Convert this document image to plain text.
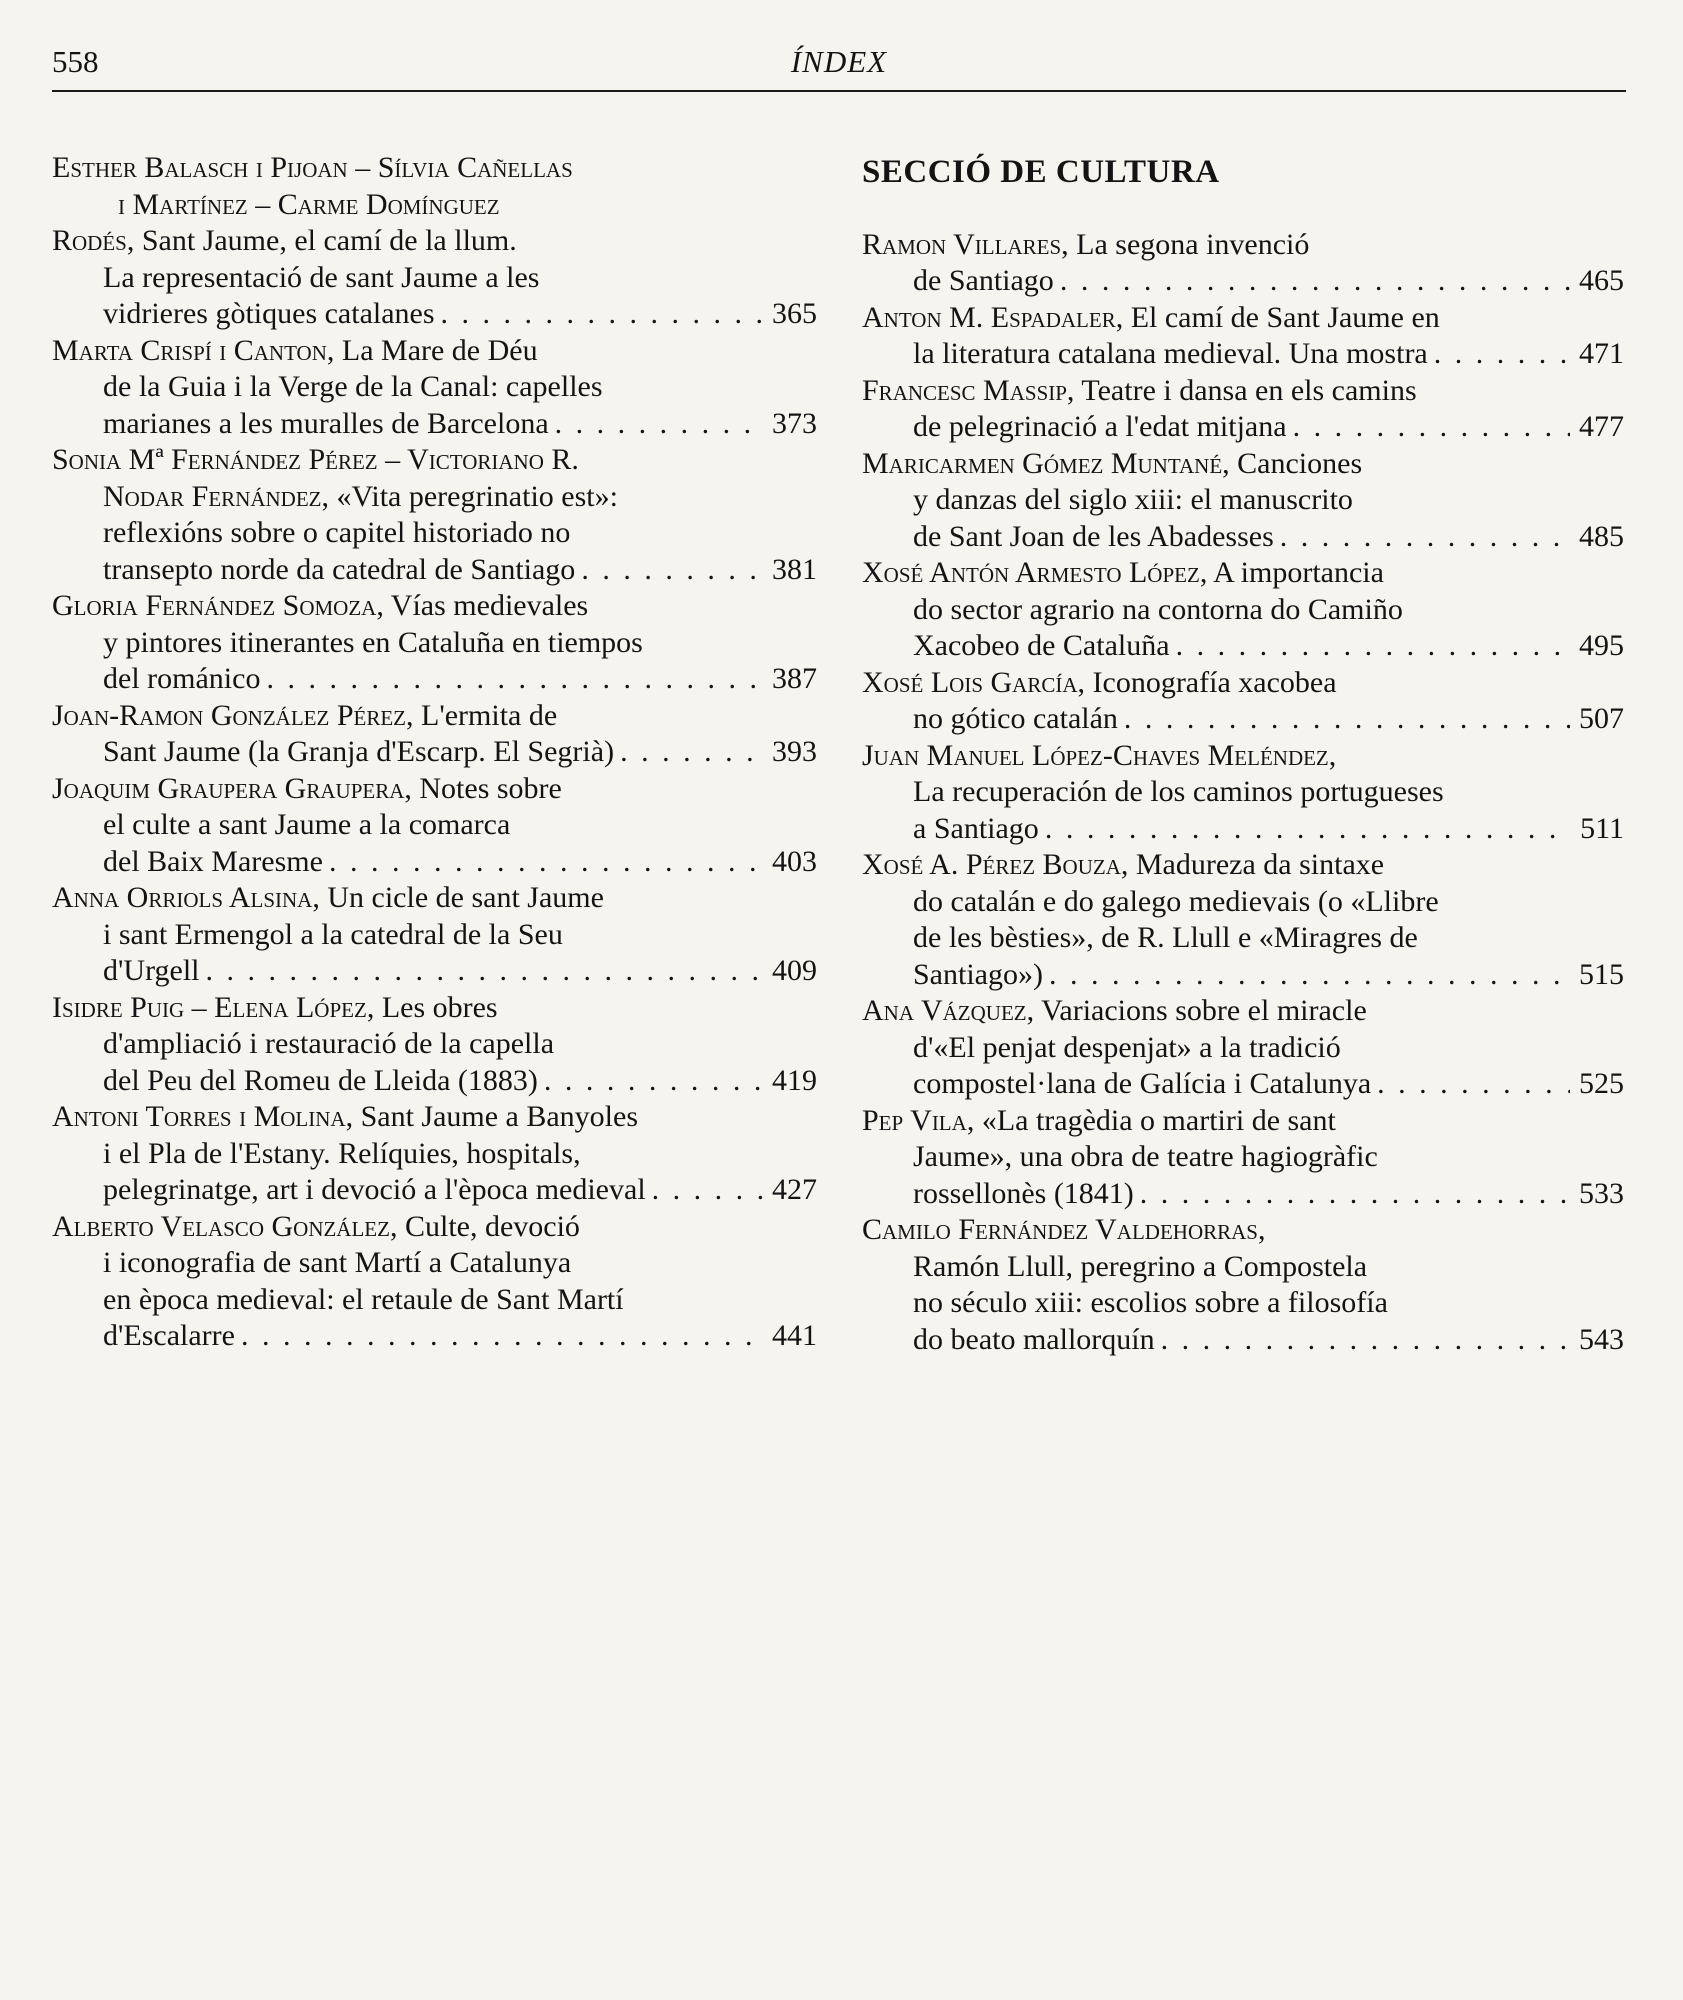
558	ÍNDEX
Esther Balasch i Pijoan – Sílvia Cañellas
i Martínez – Carme Domínguez
Rodés, Sant Jaume, el camí de la llum.
La representació de sant Jaume a les
vidrieres gòtiques catalanes . . .	365
Marta Crispí i Canton, La Mare de Déu
de la Guia i la Verge de la Canal: capelles
marianes a les muralles de Barcelona . . .	373
Sonia Mª Fernández Pérez – Victoriano R.
Nodar Fernández, «Vita peregrinatio est»:
reflexións sobre o capitel historiado no
transepto norde da catedral de Santiago . . .	381
Gloria Fernández Somoza, Vías medievales
y pintores itinerantes en Cataluña en tiempos
del románico . . .	387
Joan-Ramon González Pérez, L'ermita de
Sant Jaume (la Granja d'Escarp. El Segrià) . . .	393
Joaquim Graupera Graupera, Notes sobre
el culte a sant Jaume a la comarca
del Baix Maresme . . .	403
Anna Orriols Alsina, Un cicle de sant Jaume
i sant Ermengol a la catedral de la Seu
d'Urgell . . .	409
Isidre Puig – Elena López, Les obres
d'ampliació i restauració de la capella
del Peu del Romeu de Lleida (1883) . . .	419
Antoni Torres i Molina, Sant Jaume a Banyoles
i el Pla de l'Estany. Relíquies, hospitals,
pelegrinatge, art i devoció a l'època medieval . . .	427
Alberto Velasco González, Culte, devoció
i iconografia de sant Martí a Catalunya
en època medieval: el retaule de Sant Martí
d'Escalarre . . .	441
SECCIÓ DE CULTURA
Ramon Villares, La segona invenció
de Santiago . . .	465
Anton M. Espadaler, El camí de Sant Jaume en
la literatura catalana medieval. Una mostra . . .	471
Francesc Massip, Teatre i dansa en els camins
de pelegrinació a l'edat mitjana . . .	477
Maricarmen Gómez Muntané, Canciones
y danzas del siglo xiii: el manuscrito
de Sant Joan de les Abadesses . . .	485
Xosé Antón Armesto López, A importancia
do sector agrario na contorna do Camiño
Xacobeo de Cataluña . . .	495
Xosé Lois García, Iconografía xacobea
no gótico catalán . . .	507
Juan Manuel López-Chaves Meléndez,
La recuperación de los caminos portugueses
a Santiago . . .	511
Xosé A. Pérez Bouza, Madureza da sintaxe
do catalán e do galego medievais (o «Llibre
de les bèsties», de R. Llull e «Miragres de
Santiago») . . .	515
Ana Vázquez, Variacions sobre el miracle
d'«El penjat despenjat» a la tradició
compostel·lana de Galícia i Catalunya . . .	525
Pep Vila, «La tragèdia o martiri de sant
Jaume», una obra de teatre hagiogràfic
rossellonès (1841) . . .	533
Camilo Fernández Valdehorras,
Ramón Llull, peregrino a Compostela
no século xiii: escolios sobre a filosofía
do beato mallorquín . . .	543
